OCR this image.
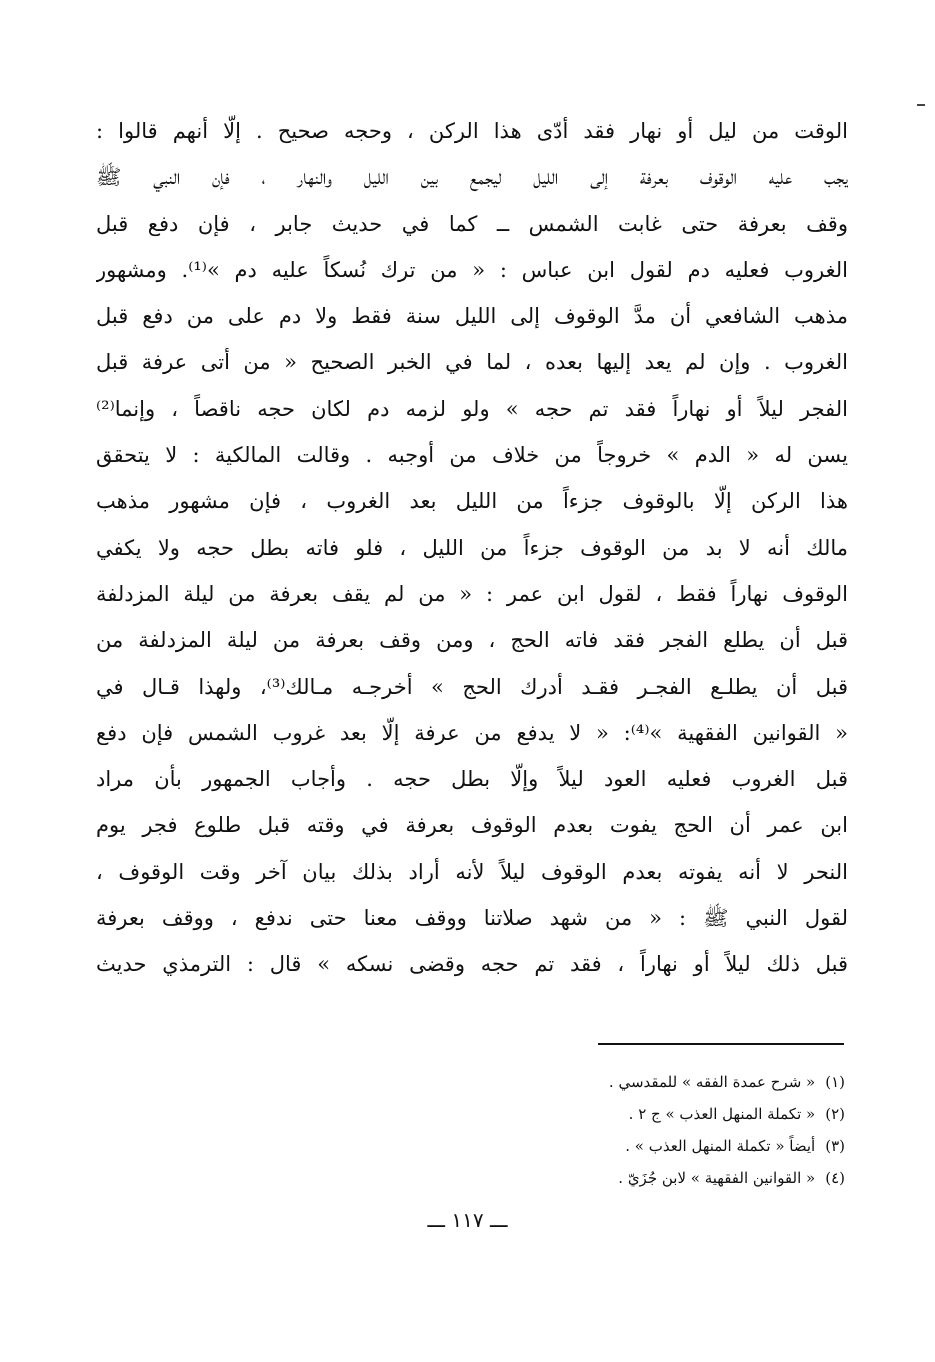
الوقت من ليل أو نهار فقد أدّى هذا الركن ، وحجه صحيح . إلّا أنهم قالوا :
يجب عليه الوقوف بعرفة إلى الليل ليجمع بين الليل والنهار ، فإن النبي ﷺ
وقف بعرفة حتى غابت الشمس ــ كما في حديث جابر ، فإن دفع قبل
الغروب فعليه دم لقول ابن عباس : « من ترك نُسكاً عليه دم »⁽¹⁾. ومشهور
مذهب الشافعي أن مدَّ الوقوف إلى الليل سنة فقط ولا دم على من دفع قبل
الغروب . وإن لم يعد إليها بعده ، لما في الخبر الصحيح « من أتى عرفة قبل
الفجر ليلاً أو نهاراً فقد تم حجه » ولو لزمه دم لكان حجه ناقصاً ، وإنما⁽²⁾
يسن له « الدم » خروجاً من خلاف من أوجبه . وقالت المالكية : لا يتحقق
هذا الركن إلّا بالوقوف جزءاً من الليل بعد الغروب ، فإن مشهور مذهب
مالك أنه لا بد من الوقوف جزءاً من الليل ، فلو فاته بطل حجه ولا يكفي
الوقوف نهاراً فقط ، لقول ابن عمر : « من لم يقف بعرفة من ليلة المزدلفة
قبل أن يطلع الفجر فقد فاته الحج ، ومن وقف بعرفة من ليلة المزدلفة من
قبل أن يطلـع الفجـر فقـد أدرك الحج » أخرجـه مـالك⁽³⁾، ولهذا قـال في
« القوانين الفقهية »⁽⁴⁾: « لا يدفع من عرفة إلّا بعد غروب الشمس فإن دفع
قبل الغروب فعليه العود ليلاً وإلّا بطل حجه . وأجاب الجمهور بأن مراد
ابن عمر أن الحج يفوت بعدم الوقوف بعرفة في وقته قبل طلوع فجر يوم
النحر لا أنه يفوته بعدم الوقوف ليلاً لأنه أراد بذلك بيان آخر وقت الوقوف ،
لقول النبي ﷺ : « من شهد صلاتنا ووقف معنا حتى ندفع ، ووقف بعرفة
قبل ذلك ليلاً أو نهاراً ، فقد تم حجه وقضى نسكه » قال : الترمذي حديث
(١)« شرح عمدة الفقه » للمقدسي .
(٢)« تكملة المنهل العذب » ج ٢ .
(٣)أيضاً « تكملة المنهل العذب » .
(٤)« القوانين الفقهية » لابن جُزَيّ .
ـــ ١١٧ ـــ
